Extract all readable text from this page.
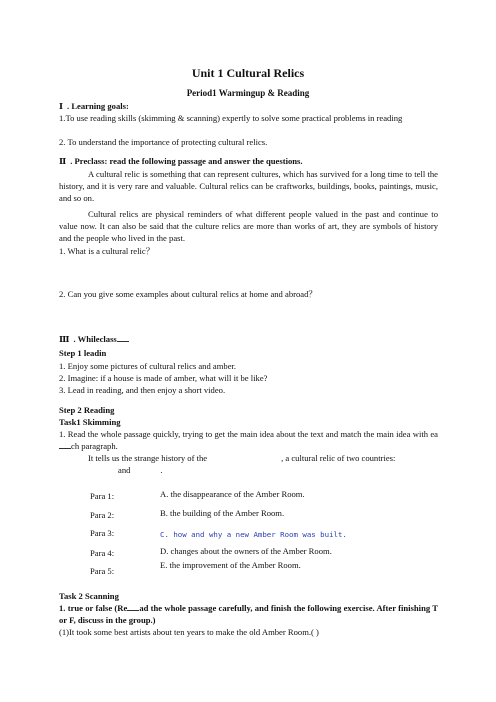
Unit 1 Cultural Relics
Period1 Warmingup & Reading
Ⅰ . Learning goals:
1.To use reading skills (skimming & scanning) expertly to solve some practical problems in reading
2. To understand the importance of protecting cultural relics.
Ⅱ . Preclass: read the following passage and answer the questions.
A cultural relic is something that can represent cultures, which has survived for a long time to tell the history, and it is very rare and valuable. Cultural relics can be craftworks, buildings, books, paintings, music, and so on.
Cultural relics are physical reminders of what different people valued in the past and continue to value now. It can also be said that the culture relics are more than works of art, they are symbols of history and the people who lived in the past.
1. What is a cultural relic？
2. Can you give some examples about cultural relics at home and abroad？
Ⅲ . Whileclass
Step 1 leadin
1. Enjoy some pictures of cultural relics and amber.
2. Imagine: if a house is made of amber, what will it be like?
3. Lead in reading, and then enjoy a short video.
Step 2 Reading
Task1 Skimming
1. Read the whole passage quickly, trying to get the main idea about the text and match the main idea with each paragraph.
It tells us the strange history of the	, a cultural relic of two countries:
and	.
Para 1:
Para 2:
Para 3:
Para 4:
Para 5:
A. the disappearance of the Amber Room.
B. the building of the Amber Room.
C. how and why a new Amber Room was built.
D. changes about the owners of the Amber Room.
E. the improvement of the Amber Room.
Task 2 Scanning
1. true or false (Re ad the whole passage carefully, and finish the following exercise. After finishing T or F, discuss in the group.)
(1)It took some best artists about ten years to make the old Amber Room.( )
